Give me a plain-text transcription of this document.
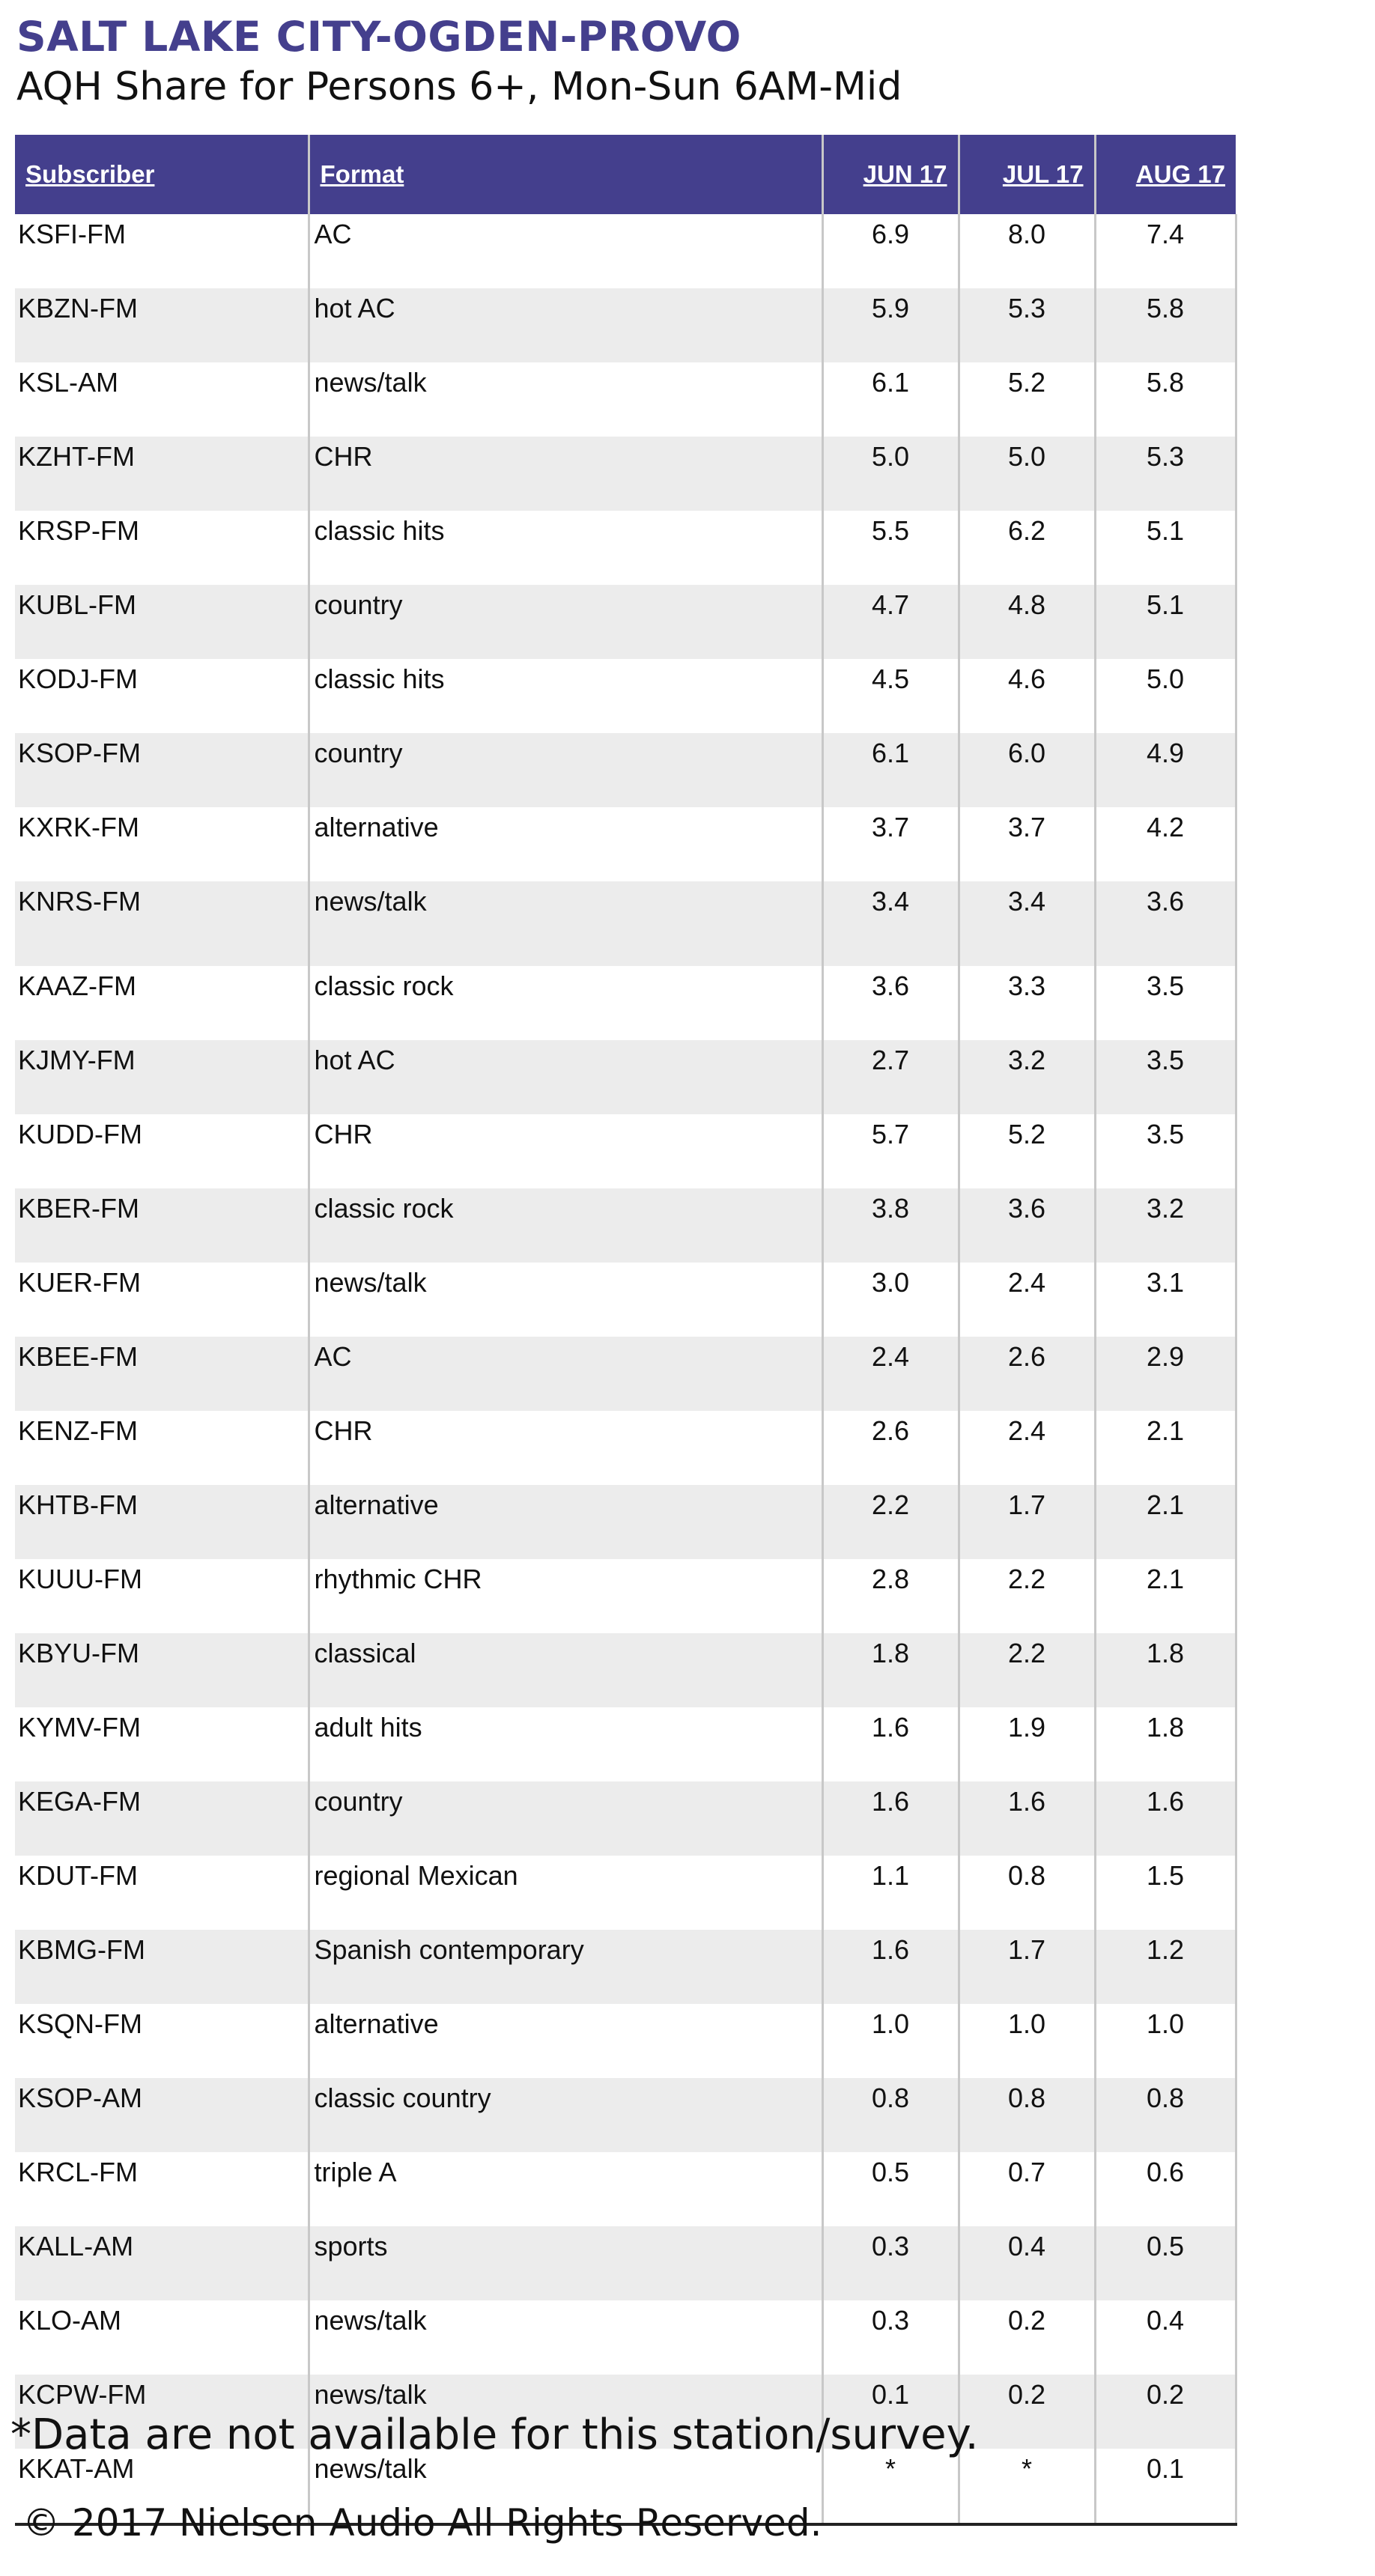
SALT LAKE CITY-OGDEN-PROVO
AQH Share for Persons 6+, Mon-Sun 6AM-Mid
Subscriber	Format	JUN 17	JUL 17	AUG 17
KSFI-FM	AC	6.9	8.0	7.4
KBZN-FM	hot AC	5.9	5.3	5.8
KSL-AM	news/talk	6.1	5.2	5.8
KZHT-FM	CHR	5.0	5.0	5.3
KRSP-FM	classic hits	5.5	6.2	5.1
KUBL-FM	country	4.7	4.8	5.1
KODJ-FM	classic hits	4.5	4.6	5.0
KSOP-FM	country	6.1	6.0	4.9
KXRK-FM	alternative	3.7	3.7	4.2
KNRS-FM	news/talk	3.4	3.4	3.6
KAAZ-FM	classic rock	3.6	3.3	3.5
KJMY-FM	hot AC	2.7	3.2	3.5
KUDD-FM	CHR	5.7	5.2	3.5
KBER-FM	classic rock	3.8	3.6	3.2
KUER-FM	news/talk	3.0	2.4	3.1
KBEE-FM	AC	2.4	2.6	2.9
KENZ-FM	CHR	2.6	2.4	2.1
KHTB-FM	alternative	2.2	1.7	2.1
KUUU-FM	rhythmic CHR	2.8	2.2	2.1
KBYU-FM	classical	1.8	2.2	1.8
KYMV-FM	adult hits	1.6	1.9	1.8
KEGA-FM	country	1.6	1.6	1.6
KDUT-FM	regional Mexican	1.1	0.8	1.5
KBMG-FM	Spanish contemporary	1.6	1.7	1.2
KSQN-FM	alternative	1.0	1.0	1.0
KSOP-AM	classic country	0.8	0.8	0.8
KRCL-FM	triple A	0.5	0.7	0.6
KALL-AM	sports	0.3	0.4	0.5
KLO-AM	news/talk	0.3	0.2	0.4
KCPW-FM	news/talk	0.1	0.2	0.2
KKAT-AM	news/talk	*	*	0.1

*Data are not available for this station/survey.

© 2017 Nielsen Audio All Rights Reserved.
